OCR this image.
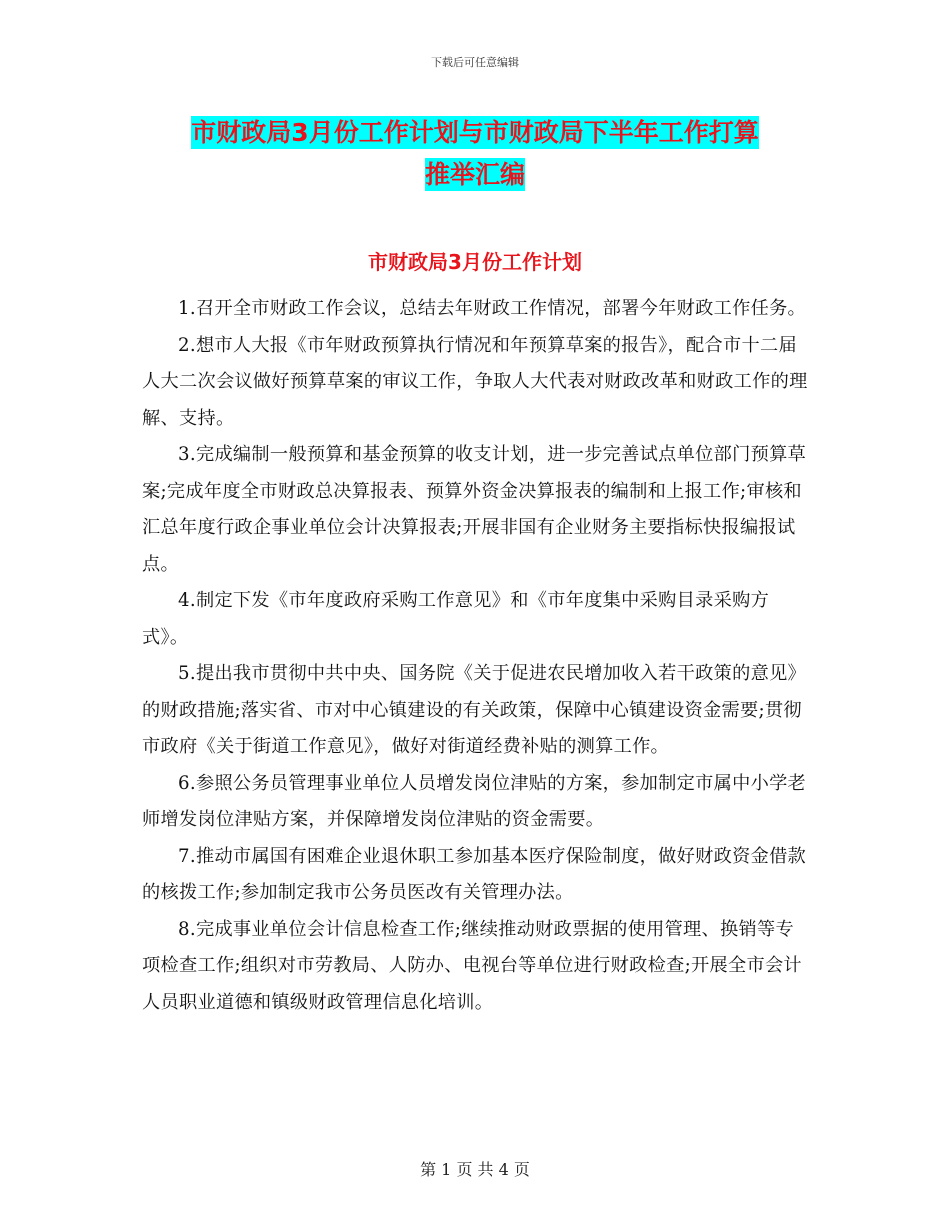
下载后可任意编辑
市财政局3月份工作计划与市财政局下半年工作打算
推举汇编
市财政局3月份工作计划

1.召开全市财政工作会议，总结去年财政工作情况，部署今年财政工作任务。

2.想市人大报《市年财政预算执行情况和年预算草案的报告》，配合市十二届人大二次会议做好预算草案的审议工作，争取人大代表对财政改革和财政工作的理解、支持。

3.完成编制一般预算和基金预算的收支计划，进一步完善试点单位部门预算草案;完成年度全市财政总决算报表、预算外资金决算报表的编制和上报工作;审核和汇总年度行政企事业单位会计决算报表;开展非国有企业财务主要指标快报编报试点。

4.制定下发《市年度政府采购工作意见》和《市年度集中采购目录采购方式》。

5.提出我市贯彻中共中央、国务院《关于促进农民增加收入若干政策的意见》的财政措施;落实省、市对中心镇建设的有关政策，保障中心镇建设资金需要;贯彻市政府《关于街道工作意见》，做好对街道经费补贴的测算工作。

6.参照公务员管理事业单位人员增发岗位津贴的方案，参加制定市属中小学老师增发岗位津贴方案，并保障增发岗位津贴的资金需要。

7.推动市属国有困难企业退休职工参加基本医疗保险制度，做好财政资金借款的核拨工作;参加制定我市公务员医改有关管理办法。

8.完成事业单位会计信息检查工作;继续推动财政票据的使用管理、换销等专项检查工作;组织对市劳教局、人防办、电视台等单位进行财政检查;开展全市会计人员职业道德和镇级财政管理信息化培训。

第 1 页 共 4 页
